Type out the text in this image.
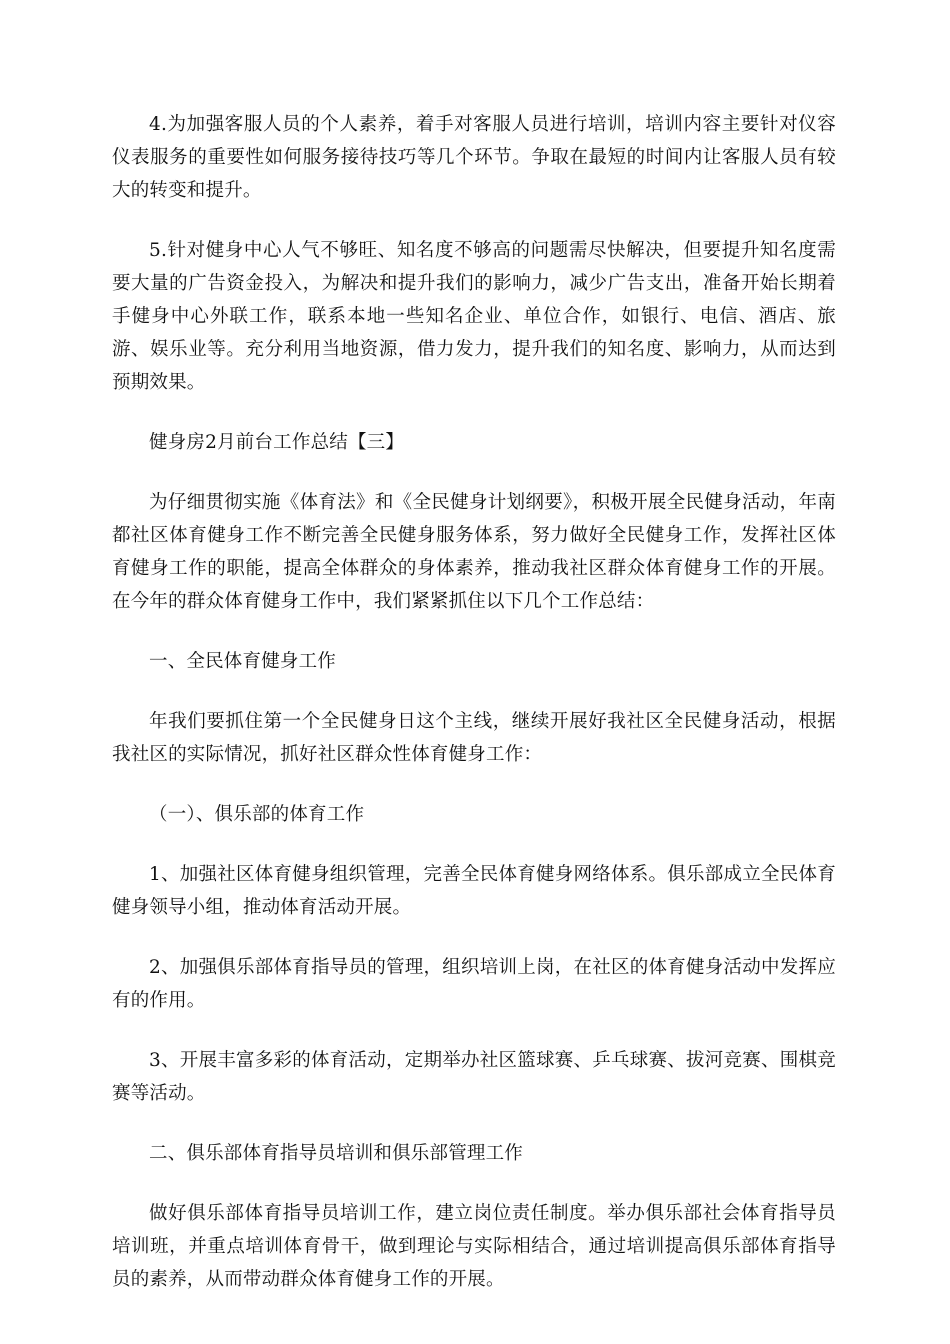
4.为加强客服人员的个人素养，着手对客服人员进行培训，培训内容主要针对仪容仪表服务的重要性如何服务接待技巧等几个环节。争取在最短的时间内让客服人员有较大的转变和提升。

5.针对健身中心人气不够旺、知名度不够高的问题需尽快解决，但要提升知名度需要大量的广告资金投入，为解决和提升我们的影响力，减少广告支出，准备开始长期着手健身中心外联工作，联系本地一些知名企业、单位合作，如银行、电信、酒店、旅游、娱乐业等。充分利用当地资源，借力发力，提升我们的知名度、影响力，从而达到预期效果。

健身房2月前台工作总结【三】

为仔细贯彻实施《体育法》和《全民健身计划纲要》，积极开展全民健身活动，年南都社区体育健身工作不断完善全民健身服务体系，努力做好全民健身工作，发挥社区体育健身工作的职能，提高全体群众的身体素养，推动我社区群众体育健身工作的开展。在今年的群众体育健身工作中，我们紧紧抓住以下几个工作总结：

一、全民体育健身工作

年我们要抓住第一个全民健身日这个主线，继续开展好我社区全民健身活动，根据我社区的实际情况，抓好社区群众性体育健身工作：

（一）、俱乐部的体育工作

1、加强社区体育健身组织管理，完善全民体育健身网络体系。俱乐部成立全民体育健身领导小组，推动体育活动开展。

2、加强俱乐部体育指导员的管理，组织培训上岗，在社区的体育健身活动中发挥应有的作用。

3、开展丰富多彩的体育活动，定期举办社区篮球赛、乒乓球赛、拔河竞赛、围棋竞赛等活动。

二、俱乐部体育指导员培训和俱乐部管理工作

做好俱乐部体育指导员培训工作，建立岗位责任制度。举办俱乐部社会体育指导员培训班，并重点培训体育骨干，做到理论与实际相结合，通过培训提高俱乐部体育指导员的素养，从而带动群众体育健身工作的开展。
